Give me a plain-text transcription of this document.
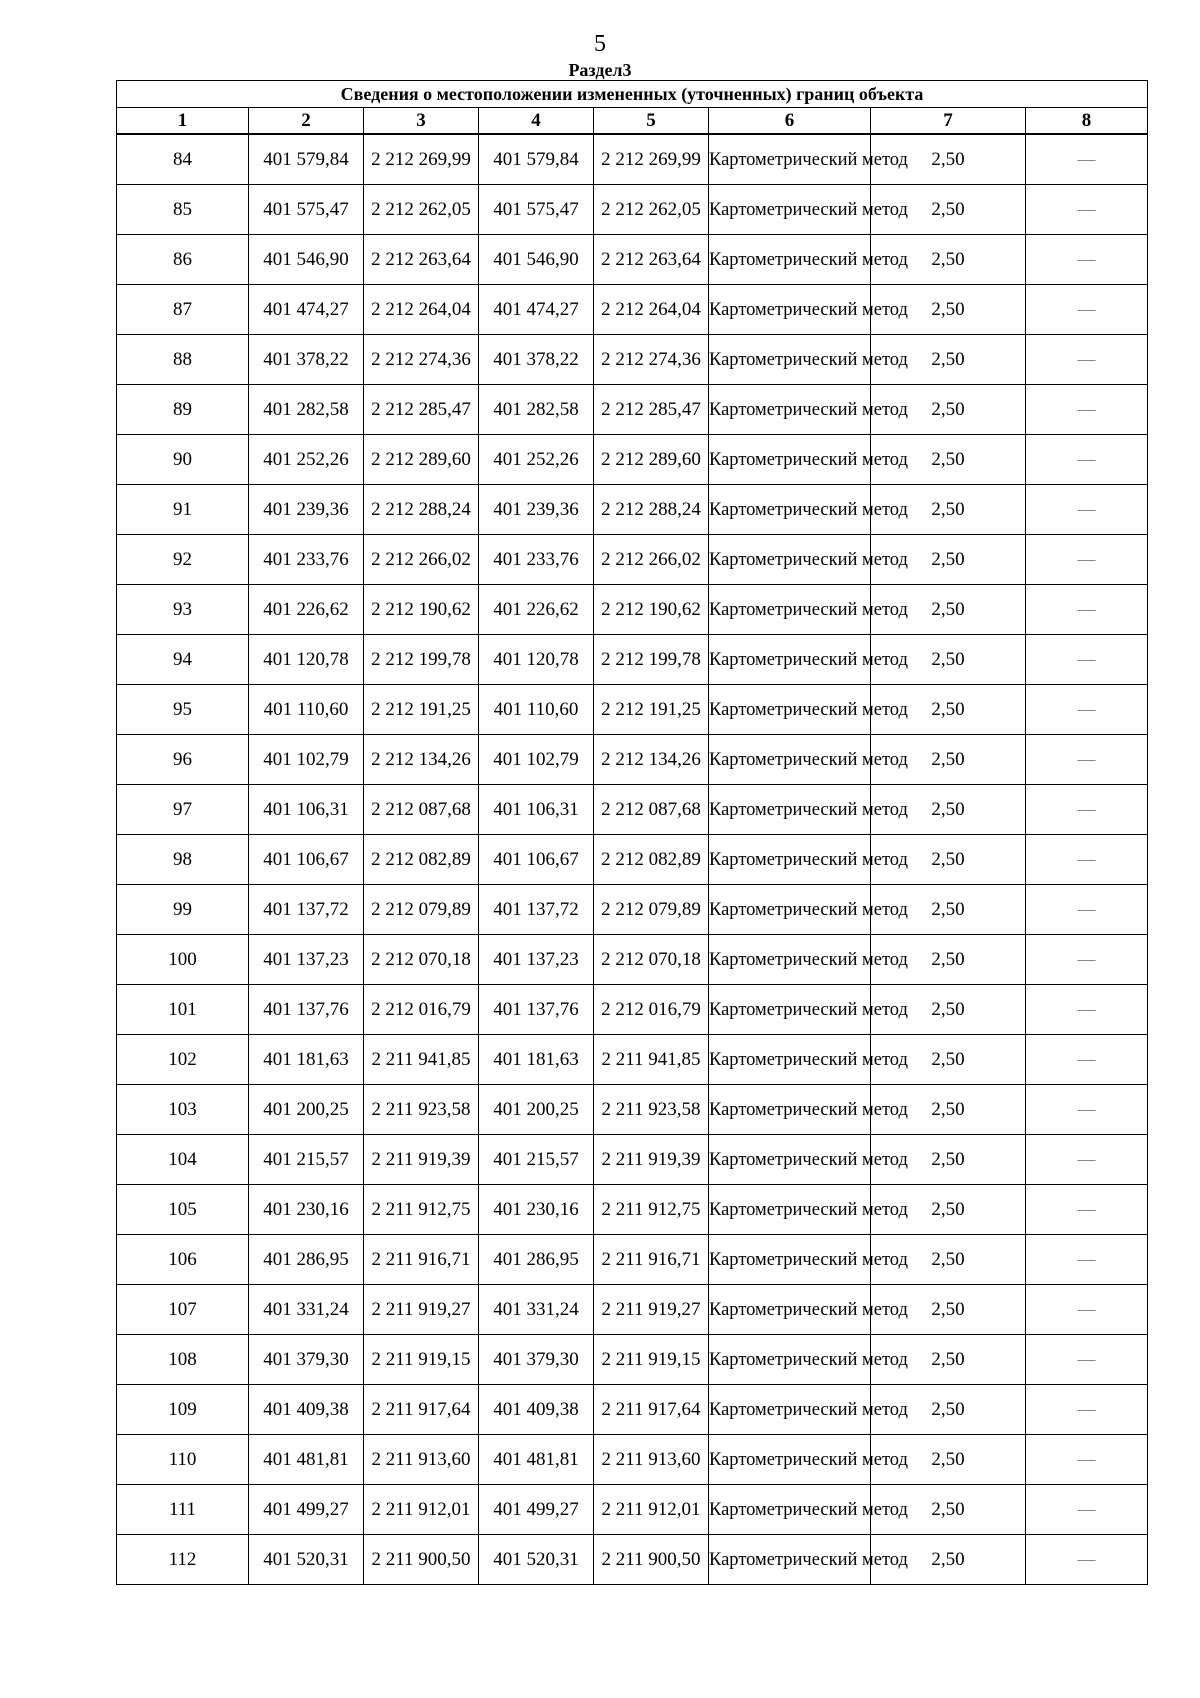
5
Раздел3
Сведения о местоположении измененных (уточненных) границ объекта							
1	2	3	4	5	6	7	8
84	401 579,84	2 212 269,99	401 579,84	2 212 269,99	Картометрический метод	2,50	—
85	401 575,47	2 212 262,05	401 575,47	2 212 262,05	Картометрический метод	2,50	—
86	401 546,90	2 212 263,64	401 546,90	2 212 263,64	Картометрический метод	2,50	—
87	401 474,27	2 212 264,04	401 474,27	2 212 264,04	Картометрический метод	2,50	—
88	401 378,22	2 212 274,36	401 378,22	2 212 274,36	Картометрический метод	2,50	—
89	401 282,58	2 212 285,47	401 282,58	2 212 285,47	Картометрический метод	2,50	—
90	401 252,26	2 212 289,60	401 252,26	2 212 289,60	Картометрический метод	2,50	—
91	401 239,36	2 212 288,24	401 239,36	2 212 288,24	Картометрический метод	2,50	—
92	401 233,76	2 212 266,02	401 233,76	2 212 266,02	Картометрический метод	2,50	—
93	401 226,62	2 212 190,62	401 226,62	2 212 190,62	Картометрический метод	2,50	—
94	401 120,78	2 212 199,78	401 120,78	2 212 199,78	Картометрический метод	2,50	—
95	401 110,60	2 212 191,25	401 110,60	2 212 191,25	Картометрический метод	2,50	—
96	401 102,79	2 212 134,26	401 102,79	2 212 134,26	Картометрический метод	2,50	—
97	401 106,31	2 212 087,68	401 106,31	2 212 087,68	Картометрический метод	2,50	—
98	401 106,67	2 212 082,89	401 106,67	2 212 082,89	Картометрический метод	2,50	—
99	401 137,72	2 212 079,89	401 137,72	2 212 079,89	Картометрический метод	2,50	—
100	401 137,23	2 212 070,18	401 137,23	2 212 070,18	Картометрический метод	2,50	—
101	401 137,76	2 212 016,79	401 137,76	2 212 016,79	Картометрический метод	2,50	—
102	401 181,63	2 211 941,85	401 181,63	2 211 941,85	Картометрический метод	2,50	—
103	401 200,25	2 211 923,58	401 200,25	2 211 923,58	Картометрический метод	2,50	—
104	401 215,57	2 211 919,39	401 215,57	2 211 919,39	Картометрический метод	2,50	—
105	401 230,16	2 211 912,75	401 230,16	2 211 912,75	Картометрический метод	2,50	—
106	401 286,95	2 211 916,71	401 286,95	2 211 916,71	Картометрический метод	2,50	—
107	401 331,24	2 211 919,27	401 331,24	2 211 919,27	Картометрический метод	2,50	—
108	401 379,30	2 211 919,15	401 379,30	2 211 919,15	Картометрический метод	2,50	—
109	401 409,38	2 211 917,64	401 409,38	2 211 917,64	Картометрический метод	2,50	—
110	401 481,81	2 211 913,60	401 481,81	2 211 913,60	Картометрический метод	2,50	—
111	401 499,27	2 211 912,01	401 499,27	2 211 912,01	Картометрический метод	2,50	—
112	401 520,31	2 211 900,50	401 520,31	2 211 900,50	Картометрический метод	2,50	—
